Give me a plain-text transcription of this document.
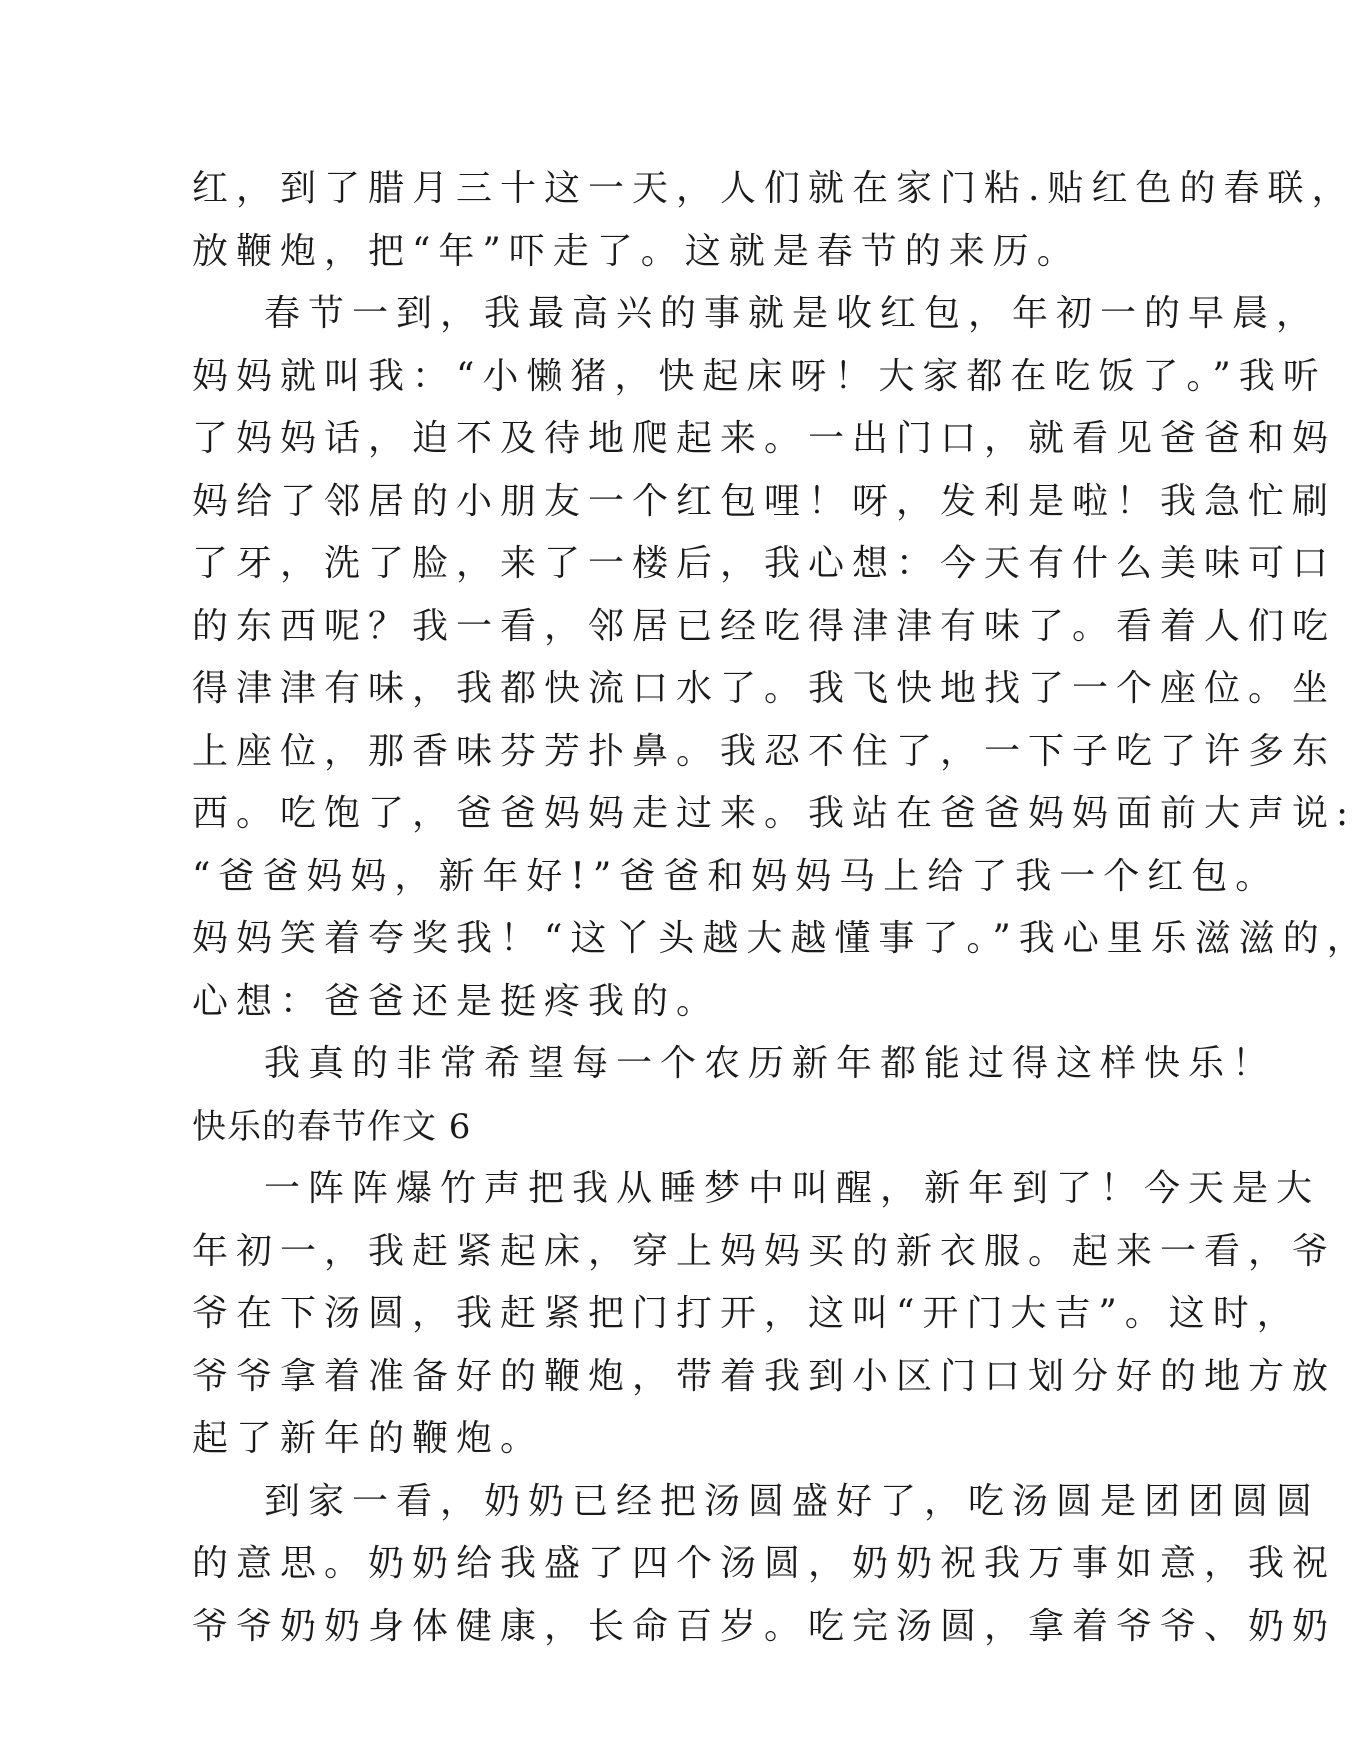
红，到了腊月三十这一天，人们就在家门粘.贴红色的春联，
放鞭炮，把“年”吓走了。这就是春节的来历。
春节一到，我最高兴的事就是收红包，年初一的早晨，
妈妈就叫我：“小懒猪，快起床呀！大家都在吃饭了。”我听
了妈妈话，迫不及待地爬起来。一出门口，就看见爸爸和妈
妈给了邻居的小朋友一个红包哩！呀，发利是啦！我急忙刷
了牙，洗了脸，来了一楼后，我心想：今天有什么美味可口
的东西呢？我一看，邻居已经吃得津津有味了。看着人们吃
得津津有味，我都快流口水了。我飞快地找了一个座位。坐
上座位，那香味芬芳扑鼻。我忍不住了，一下子吃了许多东
西。吃饱了，爸爸妈妈走过来。我站在爸爸妈妈面前大声说:
“爸爸妈妈，新年好!”爸爸和妈妈马上给了我一个红包。
妈妈笑着夸奖我！“这丫头越大越懂事了。”我心里乐滋滋的，
心想：爸爸还是挺疼我的。
我真的非常希望每一个农历新年都能过得这样快乐！
快乐的春节作文 6
一阵阵爆竹声把我从睡梦中叫醒，新年到了！今天是大
年初一，我赶紧起床，穿上妈妈买的新衣服。起来一看，爷
爷在下汤圆，我赶紧把门打开，这叫“开门大吉”。这时，
爷爷拿着准备好的鞭炮，带着我到小区门口划分好的地方放
起了新年的鞭炮。
到家一看，奶奶已经把汤圆盛好了，吃汤圆是团团圆圆
的意思。奶奶给我盛了四个汤圆，奶奶祝我万事如意，我祝
爷爷奶奶身体健康，长命百岁。吃完汤圆，拿着爷爷、奶奶
